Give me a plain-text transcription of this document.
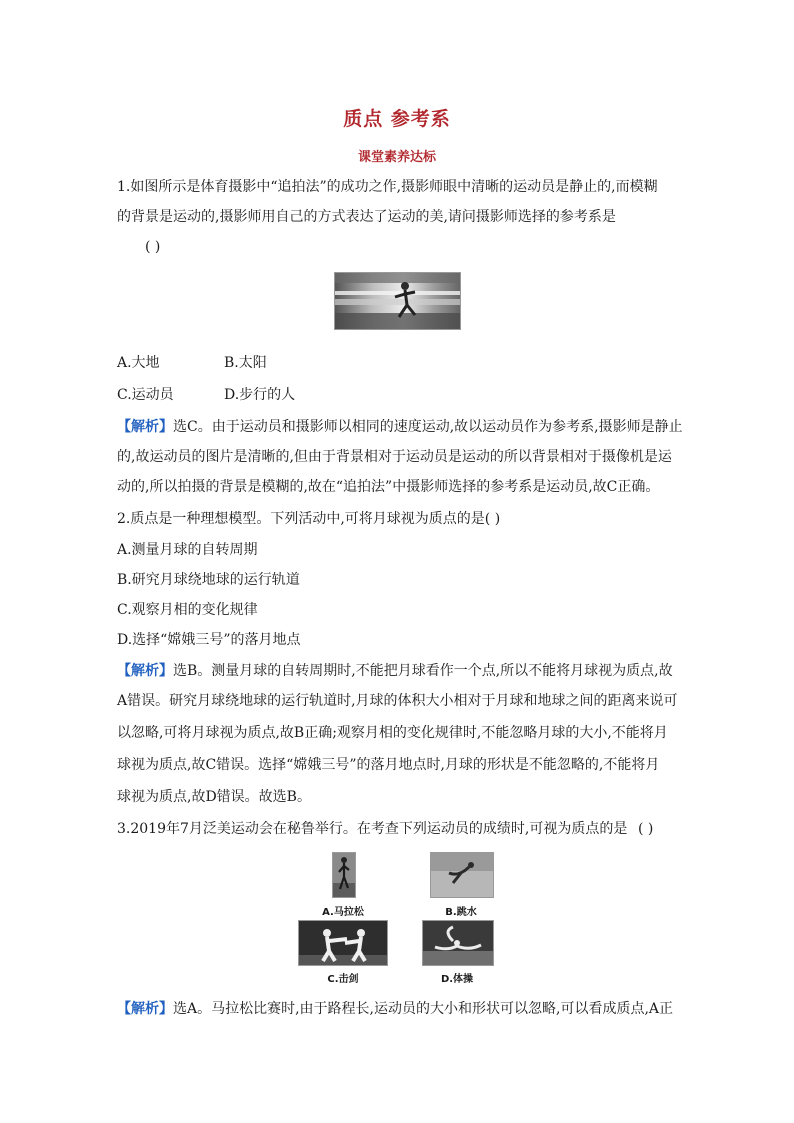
质点 参考系
课堂素养达标
1.如图所示是体育摄影中“追拍法”的成功之作,摄影师眼中清晰的运动员是静止的,而模糊
的背景是运动的,摄影师用自己的方式表达了运动的美,请问摄影师选择的参考系是
( )
A.大地	B.太阳
C.运动员	D.步行的人
【解析】选C。由于运动员和摄影师以相同的速度运动,故以运动员作为参考系,摄影师是静止
的,故运动员的图片是清晰的,但由于背景相对于运动员是运动的所以背景相对于摄像机是运
动的,所以拍摄的背景是模糊的,故在“追拍法”中摄影师选择的参考系是运动员,故C正确。
2.质点是一种理想模型。下列活动中,可将月球视为质点的是( )
A.测量月球的自转周期
B.研究月球绕地球的运行轨道
C.观察月相的变化规律
D.选择“嫦娥三号”的落月地点
【解析】选B。测量月球的自转周期时,不能把月球看作一个点,所以不能将月球视为质点,故
A错误。研究月球绕地球的运行轨道时,月球的体积大小相对于月球和地球之间的距离来说可
以忽略,可将月球视为质点,故B正确;观察月相的变化规律时,不能忽略月球的大小,不能将月
球视为质点,故C错误。选择“嫦娥三号”的落月地点时,月球的形状是不能忽略的,不能将月
球视为质点,故D错误。故选B。
3.2019年7月泛美运动会在秘鲁举行。在考查下列运动员的成绩时,可视为质点的是 ( )
A.马拉松	B.跳水
C.击剑	D.体操
【解析】选A。马拉松比赛时,由于路程长,运动员的大小和形状可以忽略,可以看成质点,A正
